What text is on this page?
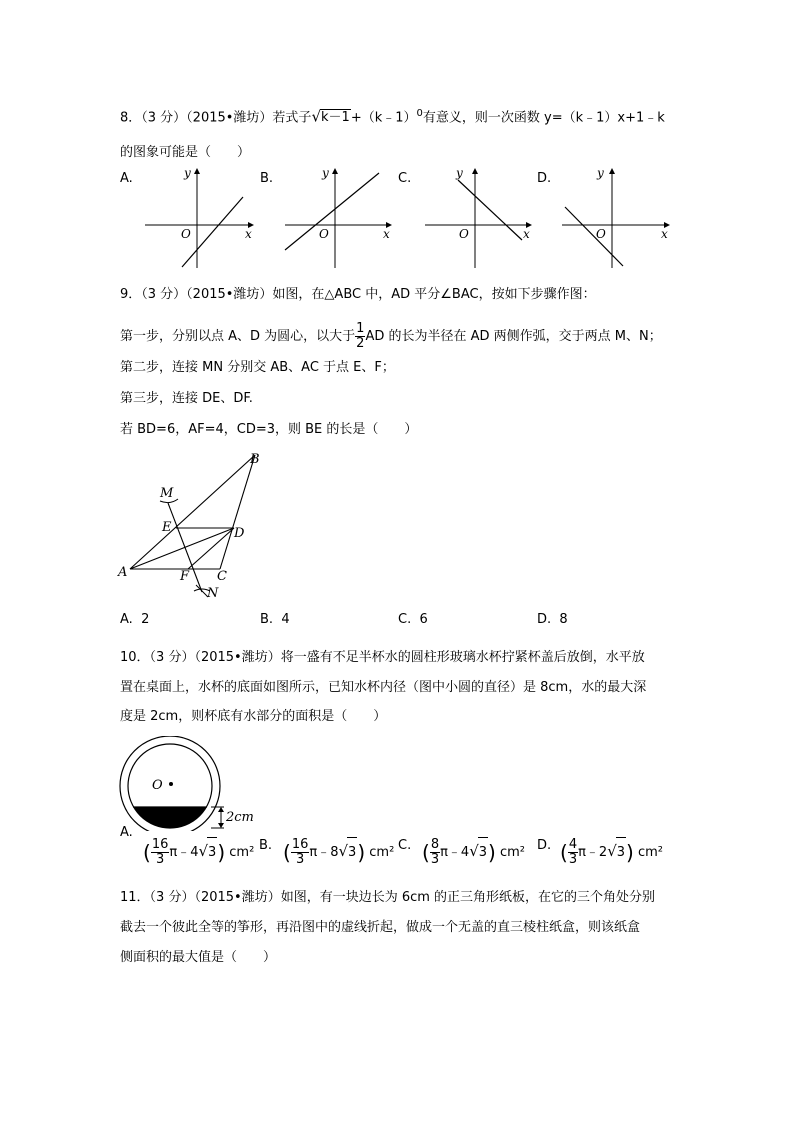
8．（3 分）（2015•潍坊）若式子√k－1+（k﹣1）$^0$有意义，则一次函数 y=（k﹣1）x+1﹣k
的图象可能是（　　）
A.	B.	C.	D.
y
x
O
y
x
O
y
x
O
y
x
O
9．（3 分）（2015•潍坊）如图，在△ABC 中，AD 平分∠BAC，按如下步骤作图：
第一步，分别以点 A、D 为圆心，以大于 $\frac{1}{2}$ AD 的长为半径在 AD 两侧作弧，交于两点 M、N；
第二步，连接 MN 分别交 AB、AC 于点 E、F；
第三步，连接 DE、DF.
若 BD=6，AF=4，CD=3，则 BE 的长是（　　）
B
M
E	D
A	F C
N
A. 2	B. 4	C. 6	D. 8
10．（3 分）（2015•潍坊）将一盛有不足半杯水的圆柱形玻璃水杯拧紧杯盖后放倒，水平放
置在桌面上，水杯的底面如图所示，已知水杯内径（图中小圆的直径）是 8cm，水的最大深
度是 2cm，则杯底有水部分的面积是（　　）
O
2cm
A.
( $\frac{16}{3}$ π﹣4√3) cm² B. ( $\frac{16}{3}$ π﹣8√3) cm² C. ( $\frac{8}{3}$ π﹣4√3) cm² D. ( $\frac{4}{3}$ π﹣2√3) cm²
11．（3 分）（2015•潍坊）如图，有一块边长为 6cm 的正三角形纸板，在它的三个角处分别
截去一个彼此全等的筝形，再沿图中的虚线折起，做成一个无盖的直三棱柱纸盒，则该纸盒
侧面积的最大值是（　　）
